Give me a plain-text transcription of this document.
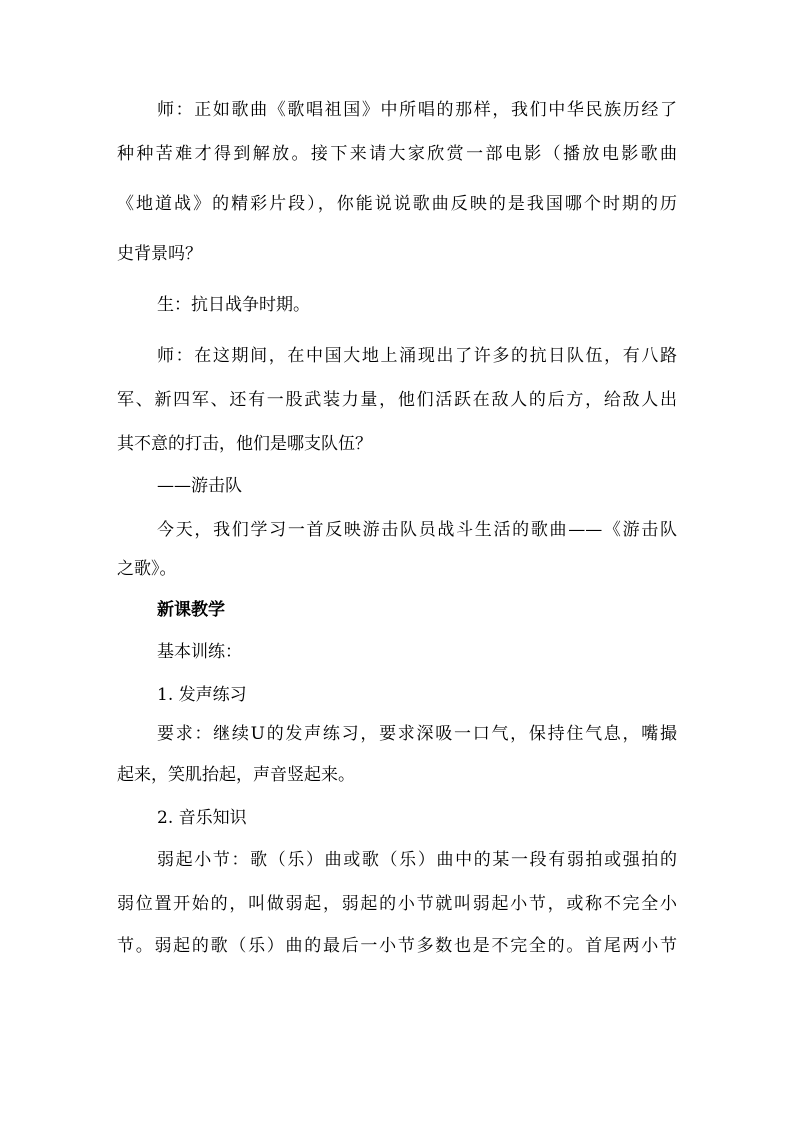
师：正如歌曲《歌唱祖国》中所唱的那样，我们中华民族历经了

种种苦难才得到解放。接下来请大家欣赏一部电影（播放电影歌曲

《地道战》的精彩片段），你能说说歌曲反映的是我国哪个时期的历

史背景吗？

生：抗日战争时期。

师：在这期间，在中国大地上涌现出了许多的抗日队伍，有八路

军、新四军、还有一股武装力量，他们活跃在敌人的后方，给敌人出

其不意的打击，他们是哪支队伍？

——游击队

今天，我们学习一首反映游击队员战斗生活的歌曲——《游击队

之歌》。

新课教学

基本训练：

1. 发声练习

要求：继续U的发声练习，要求深吸一口气，保持住气息，嘴撮

起来，笑肌抬起，声音竖起来。

2. 音乐知识

弱起小节：歌（乐）曲或歌（乐）曲中的某一段有弱拍或强拍的

弱位置开始的，叫做弱起，弱起的小节就叫弱起小节，或称不完全小

节。弱起的歌（乐）曲的最后一小节多数也是不完全的。首尾两小节
